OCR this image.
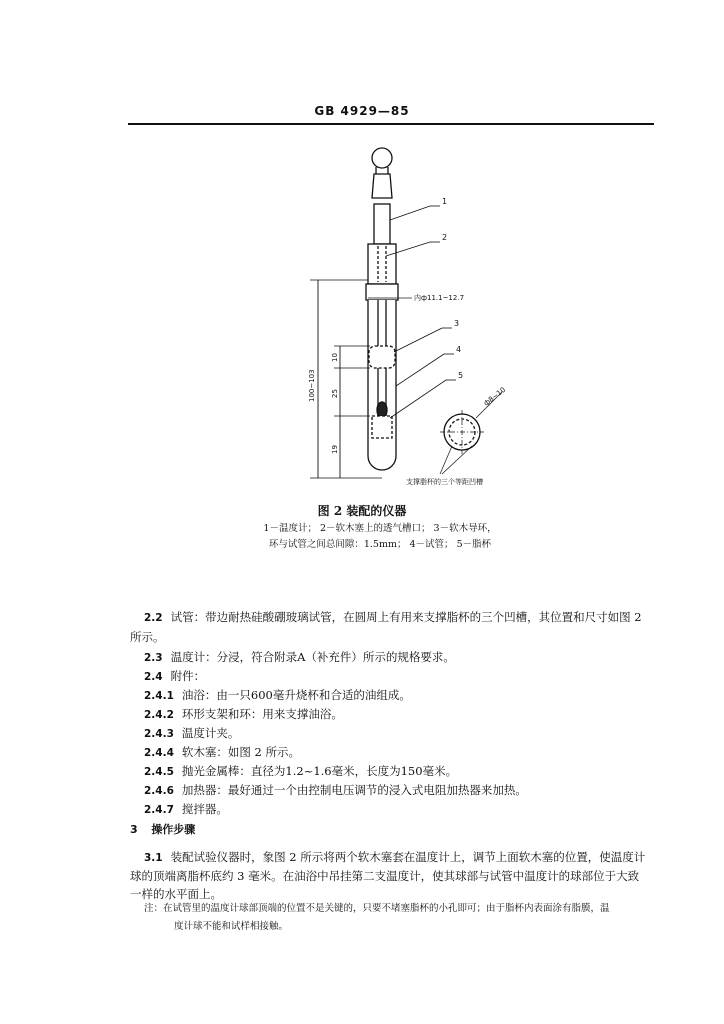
GB 4929—85
1
2
3
4
5
内ф11.1~12.7
100~103
10
25
19
ф8~10
支撑脂杯的三个等距凹槽
图 2 装配的仪器
1－温度计； 2－软木塞上的透气槽口； 3－软木导环，
环与试管之间总间隙：1.5mm； 4－试管； 5－脂杯
2.2 试管：带边耐热硅酸硼玻璃试管，在圆周上有用来支撑脂杯的三个凹槽，其位置和尺寸如图 2
所示。
2.3 温度计：分浸，符合附录A（补充件）所示的规格要求。
2.4 附件：
2.4.1 油浴：由一只600毫升烧杯和合适的油组成。
2.4.2 环形支架和环：用来支撑油浴。
2.4.3 温度计夹。
2.4.4 软木塞：如图 2 所示。
2.4.5 抛光金属棒：直径为1.2~1.6毫米，长度为150毫米。
2.4.6 加热器：最好通过一个由控制电压调节的浸入式电阻加热器来加热。
2.4.7 搅拌器。
3 操作步骤
3.1 装配试验仪器时，象图 2 所示将两个软木塞套在温度计上，调节上面软木塞的位置，使温度计
球的顶端离脂杯底约 3 毫米。在油浴中吊挂第二支温度计，使其球部与试管中温度计的球部位于大致
一样的水平面上。
注：在试管里的温度计球部顶端的位置不是关键的，只要不堵塞脂杯的小孔即可；由于脂杯内表面涂有脂膜，温
度计球不能和试样相接触。
